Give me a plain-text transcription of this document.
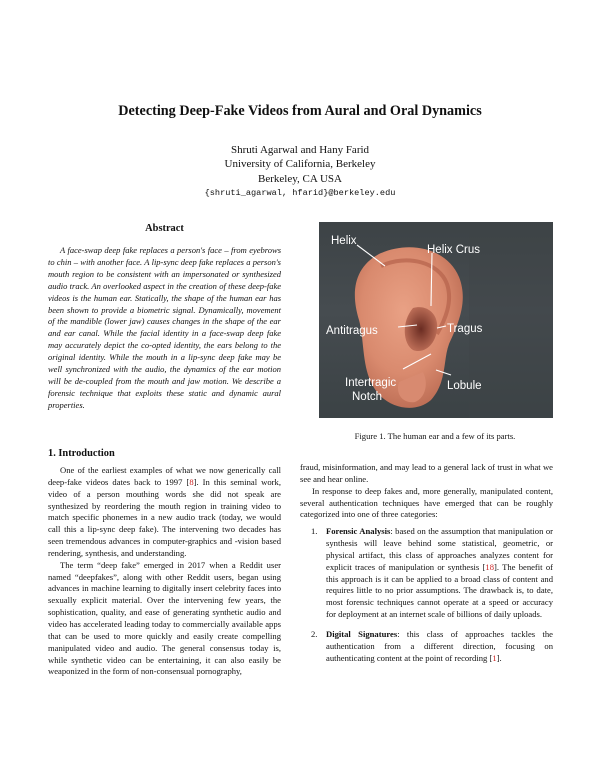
Detecting Deep-Fake Videos from Aural and Oral Dynamics
Shruti Agarwal and Hany Farid
University of California, Berkeley
Berkeley, CA USA
{shruti_agarwal, hfarid}@berkeley.edu
Abstract

A face-swap deep fake replaces a person's face – from eyebrows to chin – with another face. A lip-sync deep fake replaces a person's mouth region to be consistent with an impersonated or synthesized audio track. An overlooked aspect in the creation of these deep-fake videos is the human ear. Statically, the shape of the human ear has been shown to provide a biometric signal. Dynamically, movement of the mandible (lower jaw) causes changes in the shape of the ear and ear canal. While the facial identity in a face-swap deep fake may accurately depict the co-opted identity, the ears belong to the original identity. While the mouth in a lip-sync deep fake may be well synchronized with the audio, the dynamics of the ear motion will be de-coupled from the mouth and jaw motion. We describe a forensic technique that exploits these static and dynamic aural properties.

Helix
Helix Crus
Antitragus	Tragus
Intertragic
Notch
Lobule
Figure 1. The human ear and a few of its parts.
1. Introduction

One of the earliest examples of what we now generically call deep-fake videos dates back to 1997 [8]. In this seminal work, video of a person mouthing words she did not speak are synthesized by reordering the mouth region in training video to match specific phonemes in a new audio track (today, we would call this a lip-sync deep fake). The intervening two decades has seen tremendous advances in computer-graphics and -vision based rendering, synthesis, and understanding.

The term “deep fake” emerged in 2017 when a Reddit user named “deepfakes”, along with other Reddit users, began using advances in machine learning to digitally insert celebrity faces into sexually explicit material. Over the intervening few years, the sophistication, quality, and ease of generating synthetic audio and video has accelerated leading today to commercially available apps that can be used to more quickly and easily create compelling manipulated video and audio. The general consensus today is, while synthetic video can be entertaining, it can also easily be weaponized in the form of non-consensual pornography,

fraud, misinformation, and may lead to a general lack of trust in what we see and hear online.

In response to deep fakes and, more generally, manipulated content, several authentication techniques have emerged that can be roughly categorized into one of three categories:

1. Forensic Analysis: based on the assumption that manipulation or synthesis will leave behind some statistical, geometric, or physical artifact, this class of approaches analyzes content for explicit traces of manipulation or synthesis [18]. The benefit of this approach is it can be applied to a broad class of content and requires little to no prior assumptions. The drawback is, to date, most forensic techniques cannot operate at a speed or accuracy for deployment at an internet scale of billions of daily uploads.
2. Digital Signatures: this class of approaches tackles the authentication from a different direction, focusing on authenticating content at the point of recording [1].
